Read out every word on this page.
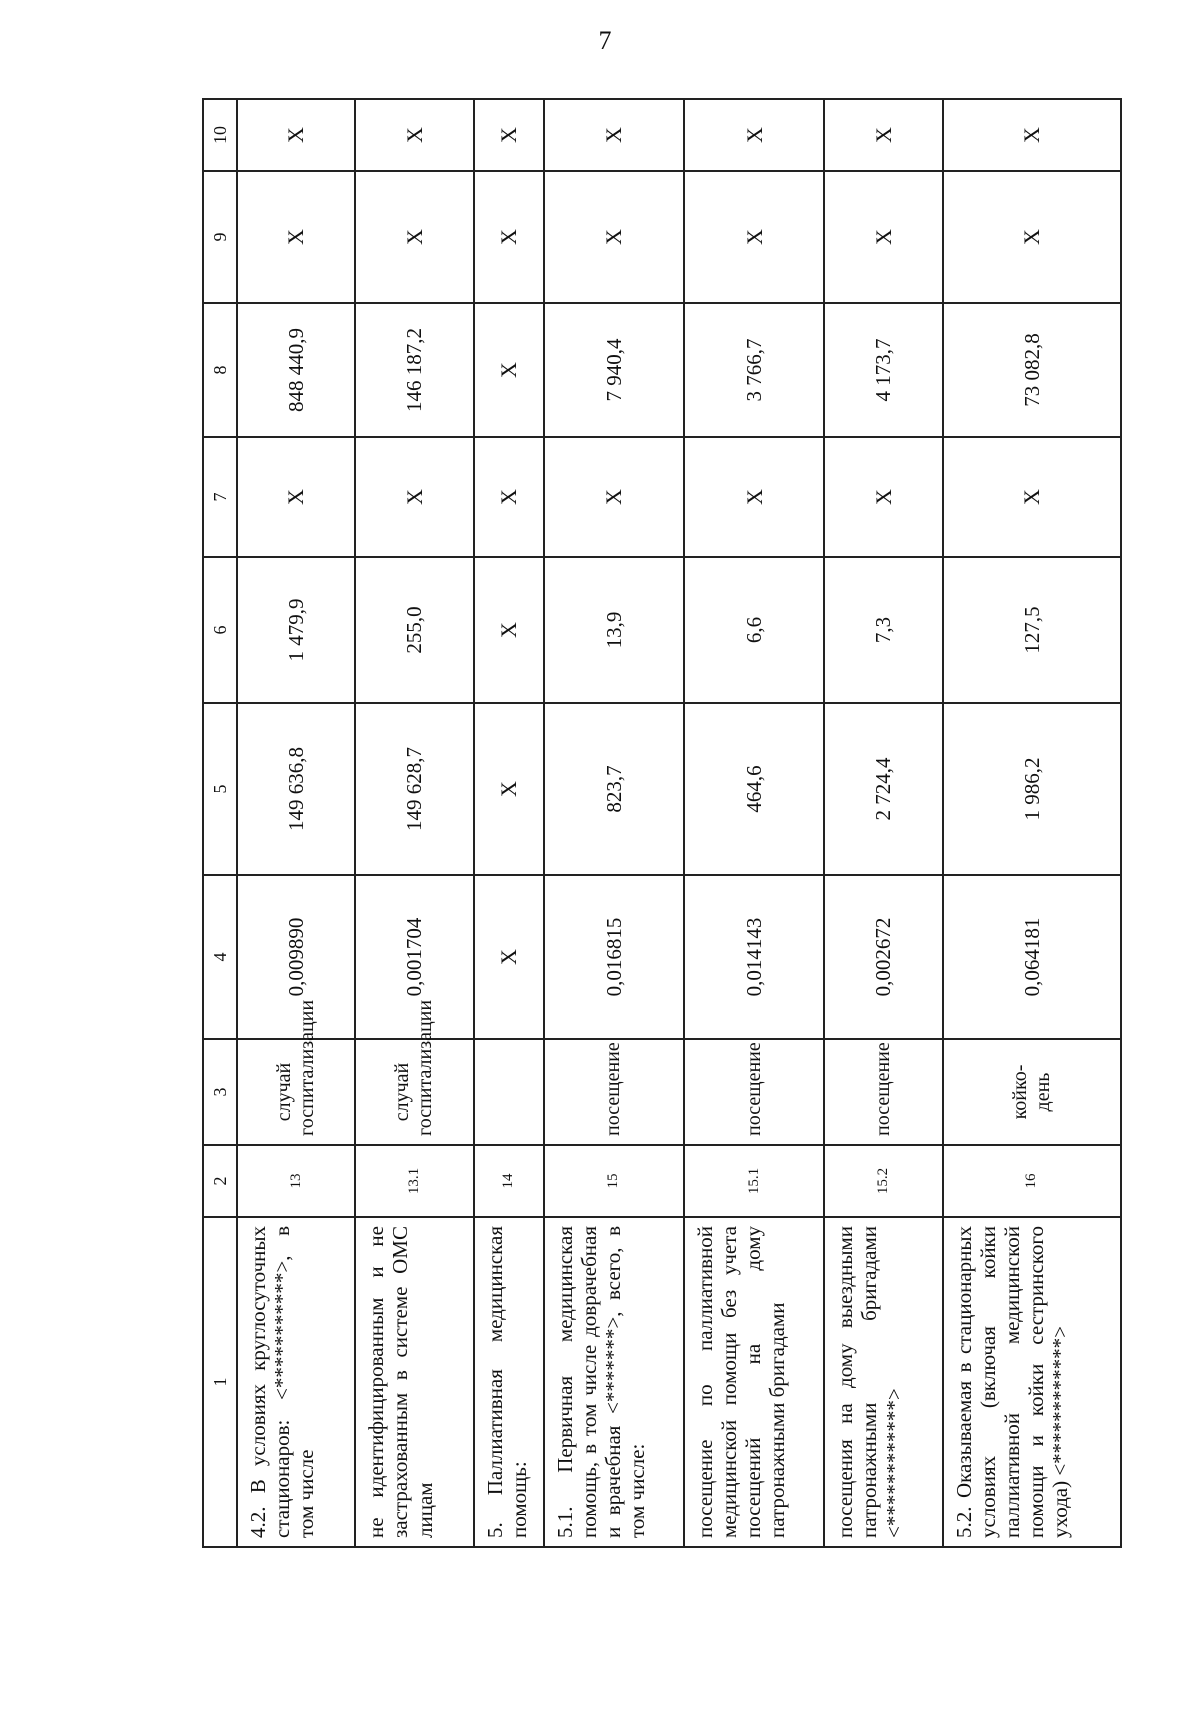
7
1	2	3	4	5	6	7	8	9	10
4.2. В условиях круглосуточных стационаров: <***********>, в том числе	13	случай госпитализации	0,009890	149 636,8	1 479,9	Х	848 440,9	Х	Х
не идентифицированным и не застрахованным в системе ОМС лицам	13.1	случай госпитализации	0,001704	149 628,7	255,0	Х	146 187,2	Х	Х
5. Паллиативная медицинская помощь:	14		Х	Х	Х	Х	Х	Х	Х
5.1. Первичная медицинская помощь, в том числе доврачебная и врачебная <*******>, всего, в том числе:	15	посещение	0,016815	823,7	13,9	Х	7 940,4	Х	Х
посещение по паллиативной медицинской помощи без учета посещений на дому патронажными бригадами	15.1	посещение	0,014143	464,6	6,6	Х	3 766,7	Х	Х
посещения на дому выездными патронажными бригадами <************>	15.2	посещение	0,002672	2 724,4	7,3	Х	4 173,7	Х	Х
5.2. Оказываемая в стационарных условиях (включая койки паллиативной медицинской помощи и койки сестринского ухода) <************>	16	койко-день	0,064181	1 986,2	127,5	Х	73 082,8	Х	Х
